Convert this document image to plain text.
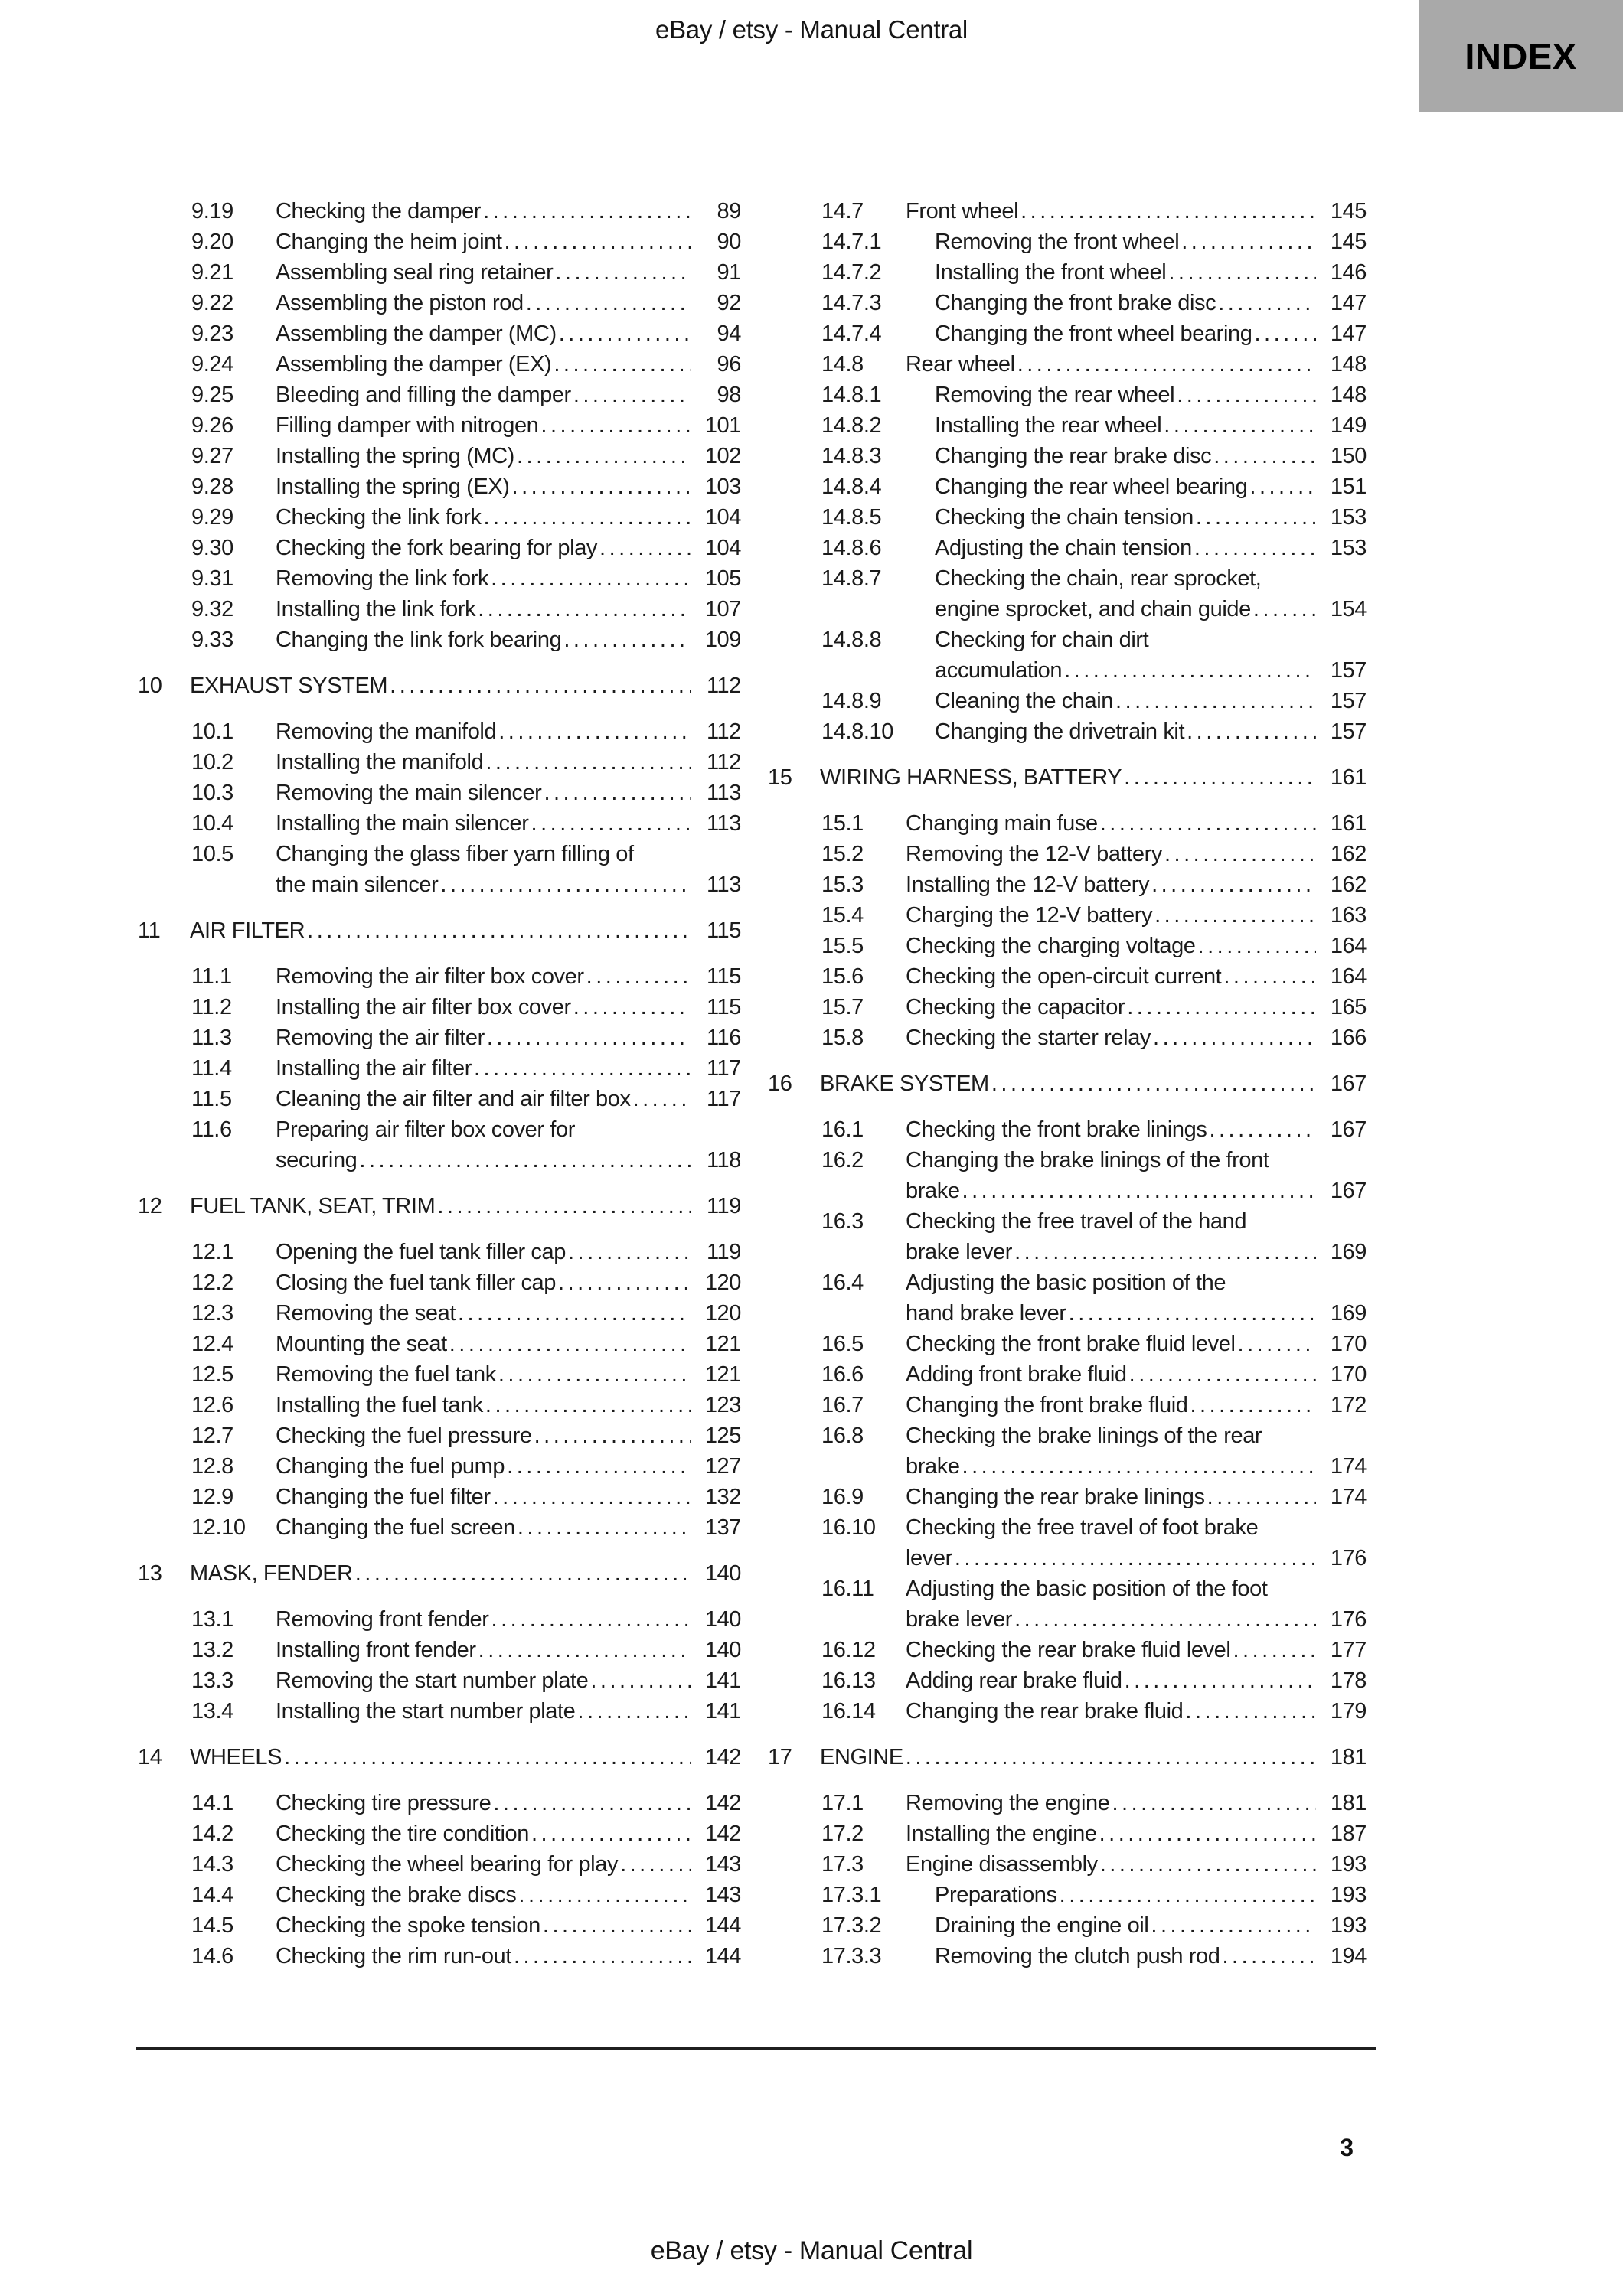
eBay / etsy - Manual Central
INDEX
9.19	Checking the damper .....	89
9.20	Changing the heim joint .....	90
9.21	Assembling seal ring retainer .....	91
9.22	Assembling the piston rod .....	92
9.23	Assembling the damper (MC) .....	94
9.24	Assembling the damper (EX) .....	96
9.25	Bleeding and filling the damper .....	98
9.26	Filling damper with nitrogen .....	101
9.27	Installing the spring (MC) .....	102
9.28	Installing the spring (EX) .....	103
9.29	Checking the link fork .....	104
9.30	Checking the fork bearing for play .....	104
9.31	Removing the link fork .....	105
9.32	Installing the link fork .....	107
9.33	Changing the link fork bearing .....	109
10	EXHAUST SYSTEM .....	112
10.1	Removing the manifold .....	112
10.2	Installing the manifold .....	112
10.3	Removing the main silencer .....	113
10.4	Installing the main silencer .....	113
10.5	Changing the glass fiber yarn filling of
the main silencer .....	113
11	AIR FILTER .....	115
11.1	Removing the air filter box cover .....	115
11.2	Installing the air filter box cover .....	115
11.3	Removing the air filter .....	116
11.4	Installing the air filter .....	117
11.5	Cleaning the air filter and air filter box .....	117
11.6	Preparing air filter box cover for
securing .....	118
12	FUEL TANK, SEAT, TRIM .....	119
12.1	Opening the fuel tank filler cap .....	119
12.2	Closing the fuel tank filler cap .....	120
12.3	Removing the seat .....	120
12.4	Mounting the seat .....	121
12.5	Removing the fuel tank .....	121
12.6	Installing the fuel tank .....	123
12.7	Checking the fuel pressure .....	125
12.8	Changing the fuel pump .....	127
12.9	Changing the fuel filter .....	132
12.10	Changing the fuel screen .....	137
13	MASK, FENDER .....	140
13.1	Removing front fender .....	140
13.2	Installing front fender .....	140
13.3	Removing the start number plate .....	141
13.4	Installing the start number plate .....	141
14	WHEELS .....	142
14.1	Checking tire pressure .....	142
14.2	Checking the tire condition .....	142
14.3	Checking the wheel bearing for play .....	143
14.4	Checking the brake discs .....	143
14.5	Checking the spoke tension .....	144
14.6	Checking the rim run-out .....	144
14.7	Front wheel .....	145
14.7.1	Removing the front wheel .....	145
14.7.2	Installing the front wheel .....	146
14.7.3	Changing the front brake disc .....	147
14.7.4	Changing the front wheel bearing .....	147
14.8	Rear wheel .....	148
14.8.1	Removing the rear wheel .....	148
14.8.2	Installing the rear wheel .....	149
14.8.3	Changing the rear brake disc .....	150
14.8.4	Changing the rear wheel bearing .....	151
14.8.5	Checking the chain tension .....	153
14.8.6	Adjusting the chain tension .....	153
14.8.7	Checking the chain, rear sprocket,
engine sprocket, and chain guide .....	154
14.8.8	Checking for chain dirt
accumulation .....	157
14.8.9	Cleaning the chain .....	157
14.8.10	Changing the drivetrain kit .....	157
15	WIRING HARNESS, BATTERY .....	161
15.1	Changing main fuse .....	161
15.2	Removing the 12-V battery .....	162
15.3	Installing the 12-V battery .....	162
15.4	Charging the 12-V battery .....	163
15.5	Checking the charging voltage .....	164
15.6	Checking the open-circuit current .....	164
15.7	Checking the capacitor .....	165
15.8	Checking the starter relay .....	166
16	BRAKE SYSTEM .....	167
16.1	Checking the front brake linings .....	167
16.2	Changing the brake linings of the front
brake .....	167
16.3	Checking the free travel of the hand
brake lever .....	169
16.4	Adjusting the basic position of the
hand brake lever .....	169
16.5	Checking the front brake fluid level .....	170
16.6	Adding front brake fluid .....	170
16.7	Changing the front brake fluid .....	172
16.8	Checking the brake linings of the rear
brake .....	174
16.9	Changing the rear brake linings .....	174
16.10	Checking the free travel of foot brake
lever .....	176
16.11	Adjusting the basic position of the foot
brake lever .....	176
16.12	Checking the rear brake fluid level .....	177
16.13	Adding rear brake fluid .....	178
16.14	Changing the rear brake fluid .....	179
17	ENGINE .....	181
17.1	Removing the engine .....	181
17.2	Installing the engine .....	187
17.3	Engine disassembly .....	193
17.3.1	Preparations .....	193
17.3.2	Draining the engine oil .....	193
17.3.3	Removing the clutch push rod .....	194
3
eBay / etsy - Manual Central
